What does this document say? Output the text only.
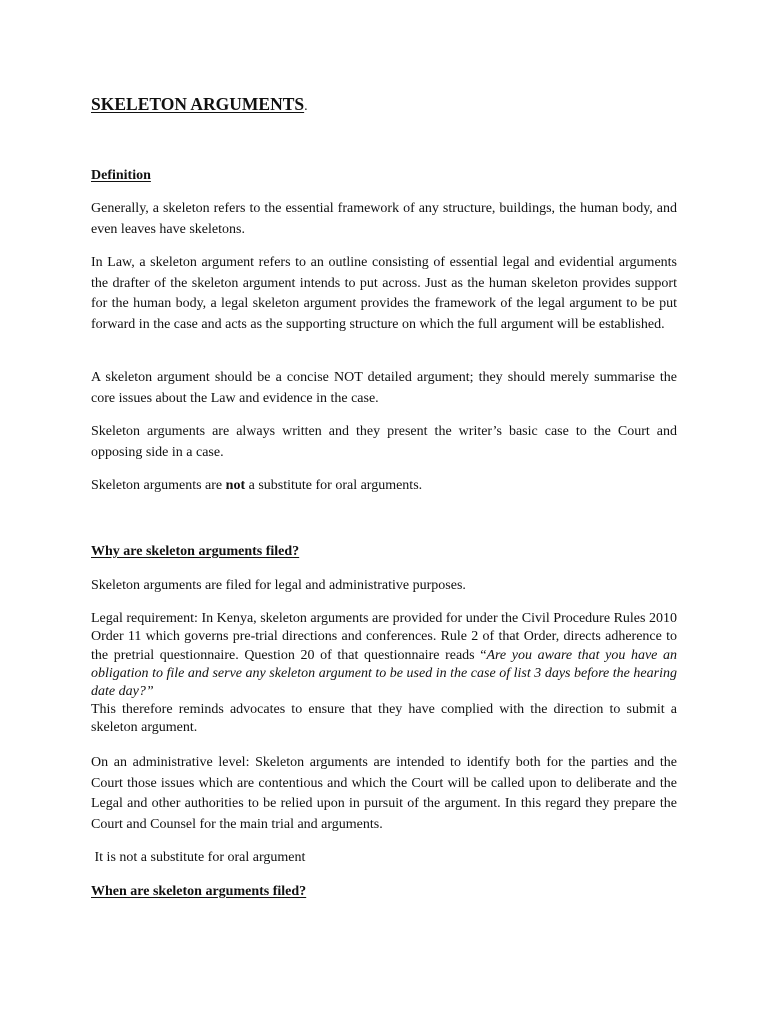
SKELETON ARGUMENTS.
Definition

Generally, a skeleton refers to the essential framework of any structure, buildings, the human body, and even leaves have skeletons.

In Law, a skeleton argument refers to an outline consisting of essential legal and evidential arguments the drafter of the skeleton argument intends to put across. Just as the human skeleton provides support for the human body, a legal skeleton argument provides the framework of the legal argument to be put forward in the case and acts as the supporting structure on which the full argument will be established.

A skeleton argument should be a concise NOT detailed argument; they should merely summarise the core issues about the Law and evidence in the case.

Skeleton arguments are always written and they present the writer’s basic case to the Court and opposing side in a case.

Skeleton arguments are not a substitute for oral arguments.

Why are skeleton arguments filed?

Skeleton arguments are filed for legal and administrative purposes.

Legal requirement: In Kenya, skeleton arguments are provided for under the Civil Procedure Rules 2010 Order 11 which governs pre-trial directions and conferences. Rule 2 of that Order, directs adherence to the pretrial questionnaire. Question 20 of that questionnaire reads “Are you aware that you have an obligation to file and serve any skeleton argument to be used in the case of list 3 days before the hearing date day?”

This therefore reminds advocates to ensure that they have complied with the direction to submit a skeleton argument.

On an administrative level: Skeleton arguments are intended to identify both for the parties and the Court those issues which are contentious and which the Court will be called upon to deliberate and the Legal and other authorities to be relied upon in pursuit of the argument. In this regard they prepare the Court and Counsel for the main trial and arguments.

It is not a substitute for oral argument

When are skeleton arguments filed?
